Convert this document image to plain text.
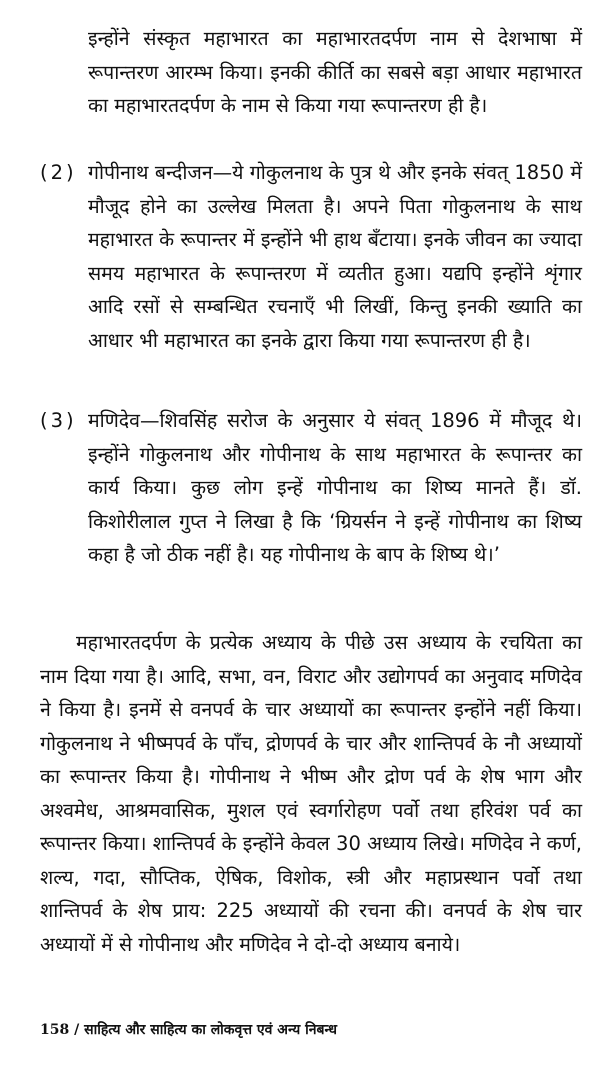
इन्होंने संस्कृत महाभारत का महाभारतदर्पण नाम से देशभाषा में रूपान्तरण आरम्भ किया। इनकी कीर्ति का सबसे बड़ा आधार महाभारत का महाभारतदर्पण के नाम से किया गया रूपान्तरण ही है।

(2) गोपीनाथ बन्दीजन—ये गोकुलनाथ के पुत्र थे और इनके संवत् 1850 में मौजूद होने का उल्लेख मिलता है। अपने पिता गोकुलनाथ के साथ महाभारत के रूपान्तर में इन्होंने भी हाथ बँटाया। इनके जीवन का ज्यादा समय महाभारत के रूपान्तरण में व्यतीत हुआ। यद्यपि इन्होंने शृंगार आदि रसों से सम्बन्धित रचनाएँ भी लिखीं, किन्तु इनकी ख्याति का आधार भी महाभारत का इनके द्वारा किया गया रूपान्तरण ही है।
(3) मणिदेव—शिवसिंह सरोज के अनुसार ये संवत् 1896 में मौजूद थे। इन्होंने गोकुलनाथ और गोपीनाथ के साथ महाभारत के रूपान्तर का कार्य किया। कुछ लोग इन्हें गोपीनाथ का शिष्य मानते हैं। डॉ. किशोरीलाल गुप्त ने लिखा है कि ‘ग्रियर्सन ने इन्हें गोपीनाथ का शिष्य कहा है जो ठीक नहीं है। यह गोपीनाथ के बाप के शिष्य थे।’

महाभारतदर्पण के प्रत्येक अध्याय के पीछे उस अध्याय के रचयिता का नाम दिया गया है। आदि, सभा, वन, विराट और उद्योगपर्व का अनुवाद मणिदेव ने किया है। इनमें से वनपर्व के चार अध्यायों का रूपान्तर इन्होंने नहीं किया। गोकुलनाथ ने भीष्मपर्व के पाँच, द्रोणपर्व के चार और शान्तिपर्व के नौ अध्यायों का रूपान्तर किया है। गोपीनाथ ने भीष्म और द्रोण पर्व के शेष भाग और अश्वमेध, आश्रमवासिक, मुशल एवं स्वर्गारोहण पर्वो तथा हरिवंश पर्व का रूपान्तर किया। शान्तिपर्व के इन्होंने केवल 30 अध्याय लिखे। मणिदेव ने कर्ण, शल्य, गदा, सौप्तिक, ऐषिक, विशोक, स्त्री और महाप्रस्थान पर्वो तथा शान्तिपर्व के शेष प्राय: 225 अध्यायों की रचना की। वनपर्व के शेष चार अध्यायों में से गोपीनाथ और मणिदेव ने दो-दो अध्याय बनाये।

158 / साहित्य और साहित्य का लोकवृत्त एवं अन्य निबन्ध
